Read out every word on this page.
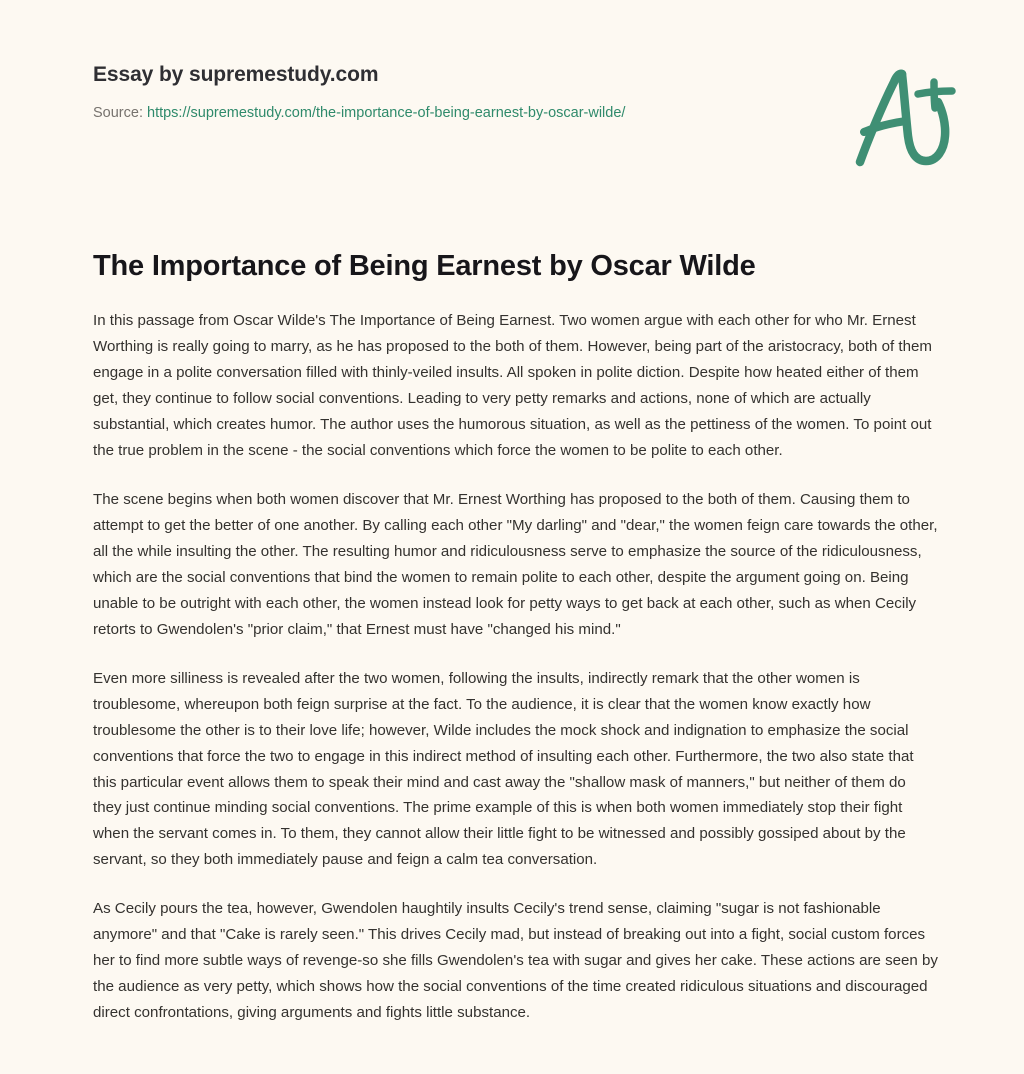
Essay by supremestudy.com
Source: https://supremestudy.com/the-importance-of-being-earnest-by-oscar-wilde/
The Importance of Being Earnest by Oscar Wilde

In this passage from Oscar Wilde's The Importance of Being Earnest. Two women argue with each other for who Mr. Ernest Worthing is really going to marry, as he has proposed to the both of them. However, being part of the aristocracy, both of them engage in a polite conversation filled with thinly-veiled insults. All spoken in polite diction. Despite how heated either of them get, they continue to follow social conventions. Leading to very petty remarks and actions, none of which are actually substantial, which creates humor. The author uses the humorous situation, as well as the pettiness of the women. To point out the true problem in the scene - the social conventions which force the women to be polite to each other.

The scene begins when both women discover that Mr. Ernest Worthing has proposed to the both of them. Causing them to attempt to get the better of one another. By calling each other "My darling" and "dear," the women feign care towards the other, all the while insulting the other. The resulting humor and ridiculousness serve to emphasize the source of the ridiculousness, which are the social conventions that bind the women to remain polite to each other, despite the argument going on. Being unable to be outright with each other, the women instead look for petty ways to get back at each other, such as when Cecily retorts to Gwendolen's "prior claim," that Ernest must have "changed his mind."

Even more silliness is revealed after the two women, following the insults, indirectly remark that the other women is troublesome, whereupon both feign surprise at the fact. To the audience, it is clear that the women know exactly how troublesome the other is to their love life; however, Wilde includes the mock shock and indignation to emphasize the social conventions that force the two to engage in this indirect method of insulting each other. Furthermore, the two also state that this particular event allows them to speak their mind and cast away the "shallow mask of manners," but neither of them do they just continue minding social conventions. The prime example of this is when both women immediately stop their fight when the servant comes in. To them, they cannot allow their little fight to be witnessed and possibly gossiped about by the servant, so they both immediately pause and feign a calm tea conversation.

As Cecily pours the tea, however, Gwendolen haughtily insults Cecily's trend sense, claiming "sugar is not fashionable anymore" and that "Cake is rarely seen." This drives Cecily mad, but instead of breaking out into a fight, social custom forces her to find more subtle ways of revenge-so she fills Gwendolen's tea with sugar and gives her cake. These actions are seen by the audience as very petty, which shows how the social conventions of the time created ridiculous situations and discouraged direct confrontations, giving arguments and fights little substance.
